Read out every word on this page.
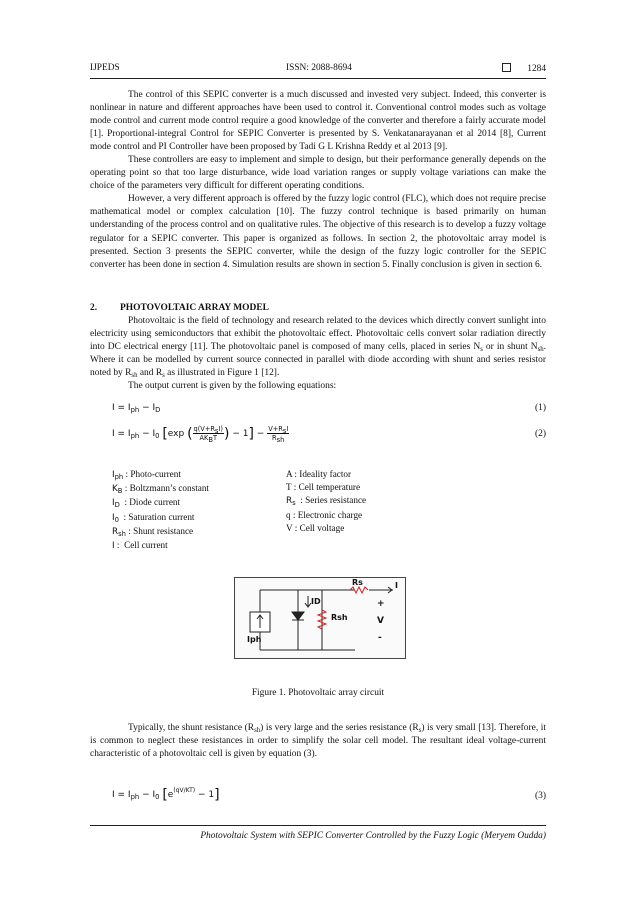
IJPEDS	ISSN: 2088-8694	1284

The control of this SEPIC converter is a much discussed and invested very subject. Indeed, this converter is nonlinear in nature and different approaches have been used to control it. Conventional control modes such as voltage mode control and current mode control require a good knowledge of the converter and therefore a fairly accurate model [1]. Proportional-integral Control for SEPIC Converter is presented by S. Venkatanarayanan et al 2014 [8], Current mode control and PI Controller have been proposed by Tadi G L Krishna Reddy et al 2013 [9].

These controllers are easy to implement and simple to design, but their performance generally depends on the operating point so that too large disturbance, wide load variation ranges or supply voltage variations can make the choice of the parameters very difficult for different operating conditions.

However, a very different approach is offered by the fuzzy logic control (FLC), which does not require precise mathematical model or complex calculation [10]. The fuzzy control technique is based primarily on human understanding of the process control and on qualitative rules. The objective of this research is to develop a fuzzy voltage regulator for a SEPIC converter. This paper is organized as follows. In section 2, the photovoltaic array model is presented. Section 3 presents the SEPIC converter, while the design of the fuzzy logic controller for the SEPIC converter has been done in section 4. Simulation results are shown in section 5. Finally conclusion is given in section 6.

2. PHOTOVOLTAIC ARRAY MODEL

Photovoltaic is the field of technology and research related to the devices which directly convert sunlight into electricity using semiconductors that exhibit the photovoltaic effect. Photovoltaic cells convert solar radiation directly into DC electrical energy [11]. The photovoltaic panel is composed of many cells, placed in series $N_s$ or in shunt $N_{sh}$. Where it can be modelled by current source connected in parallel with diode according with shunt and series resistor noted by $R_{sh}$ and $R_s$ as illustrated in Figure 1 [12].

The output current is given by the following equations:

$I = I_{ph} - I_D$	(1)
$I = I_{ph} - I_0$ [exp ( $\frac{q(V+R_sI)}{AK_BT}$ ) − $1] - \frac{V+R_sI}{R_{sh}}$	(2)
$I_{ph}$ : Photo-current
$K_B$ : Boltzmann’s constant
$I_D$  : Diode current
$I_0$  : Saturation current
$R_{sh}$ : Shunt resistance
I :  Cell current
A : Ideality factor
T : Cell temperature
$R_s$  : Series resistance
q : Electronic charge
V : Cell voltage
Rs	I
ID
Iph
Rsh	V
+
-
Figure 1. Photovoltaic array circuit

Typically, the shunt resistance $(R_{sh})$ is very large and the series resistance $(R_s)$ is very small [13]. Therefore, it is common to neglect these resistances in order to simplify the solar cell model. The resultant ideal voltage-current characteristic of a photovoltaic cell is given by equation (3).

$I = I_{ph} - I_0$ $[e^{(qV/KT)} - 1]$	(3)
Photovoltaic System with SEPIC Converter Controlled by the Fuzzy Logic (Meryem Oudda)
